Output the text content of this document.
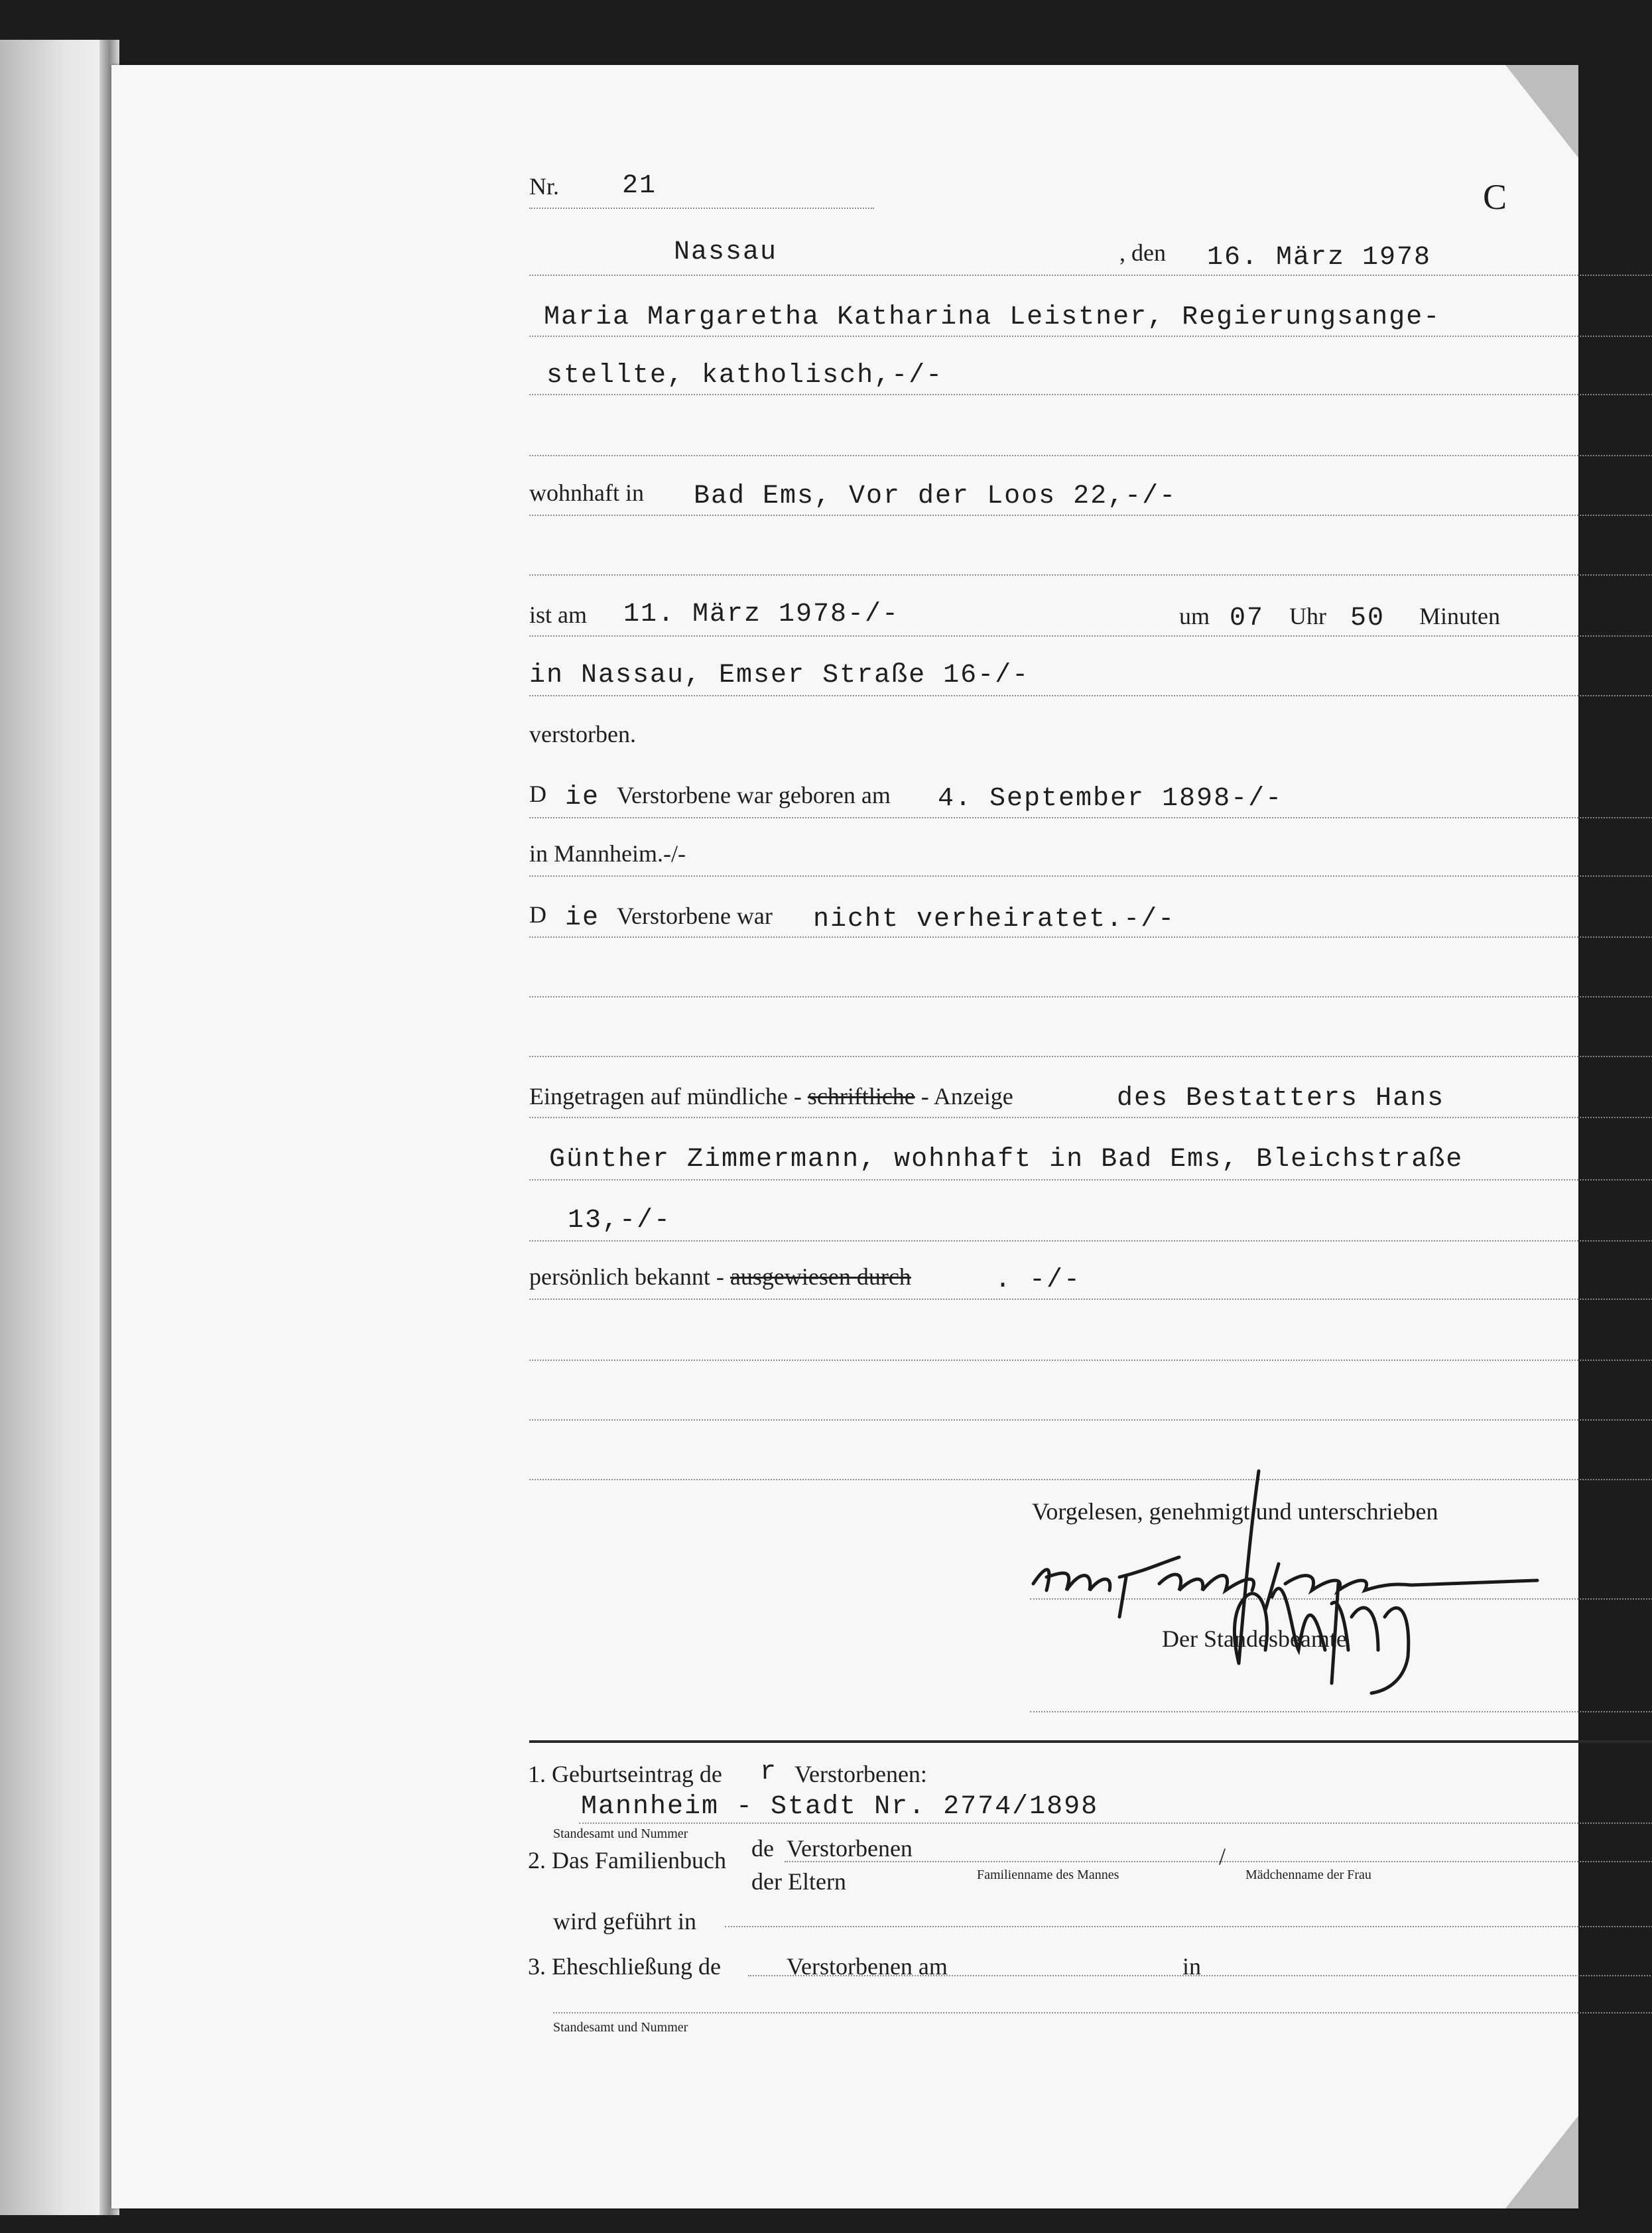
Nr. 21	C
Nassau	, den 16. März 1978
Maria Margaretha Katharina Leistner, Regierungsange-
stellte, katholisch,-/-
wohnhaft in Bad Ems, Vor der Loos 22,-/-
ist am 11. März 1978-/-	um 07 Uhr 50 Minuten
in Nassau, Emser Straße 16-/-
verstorben.
D ie Verstorbene war geboren am 4. September 1898-/-
in Mannheim.-/-
D ie Verstorbene war nicht verheiratet.-/-
Eingetragen auf mündliche - schriftliche - Anzeige	des Bestatters Hans
Günther Zimmermann, wohnhaft in Bad Ems, Bleichstraße
13,-/-
persönlich bekannt - ausgewiesen durch	. -/-
Vorgelesen, genehmigt und unterschrieben
Der Standesbeamte
1. Geburtseintrag de r Verstorbenen:
Mannheim - Stadt Nr. 2774/1898
Standesamt und Nummer
2. Das Familienbuch de Verstorbenen	/
der Eltern	Familienname des Mannes	Mädchenname der Frau
wird geführt in
3. Eheschließung de	Verstorbenen am	in
Standesamt und Nummer
